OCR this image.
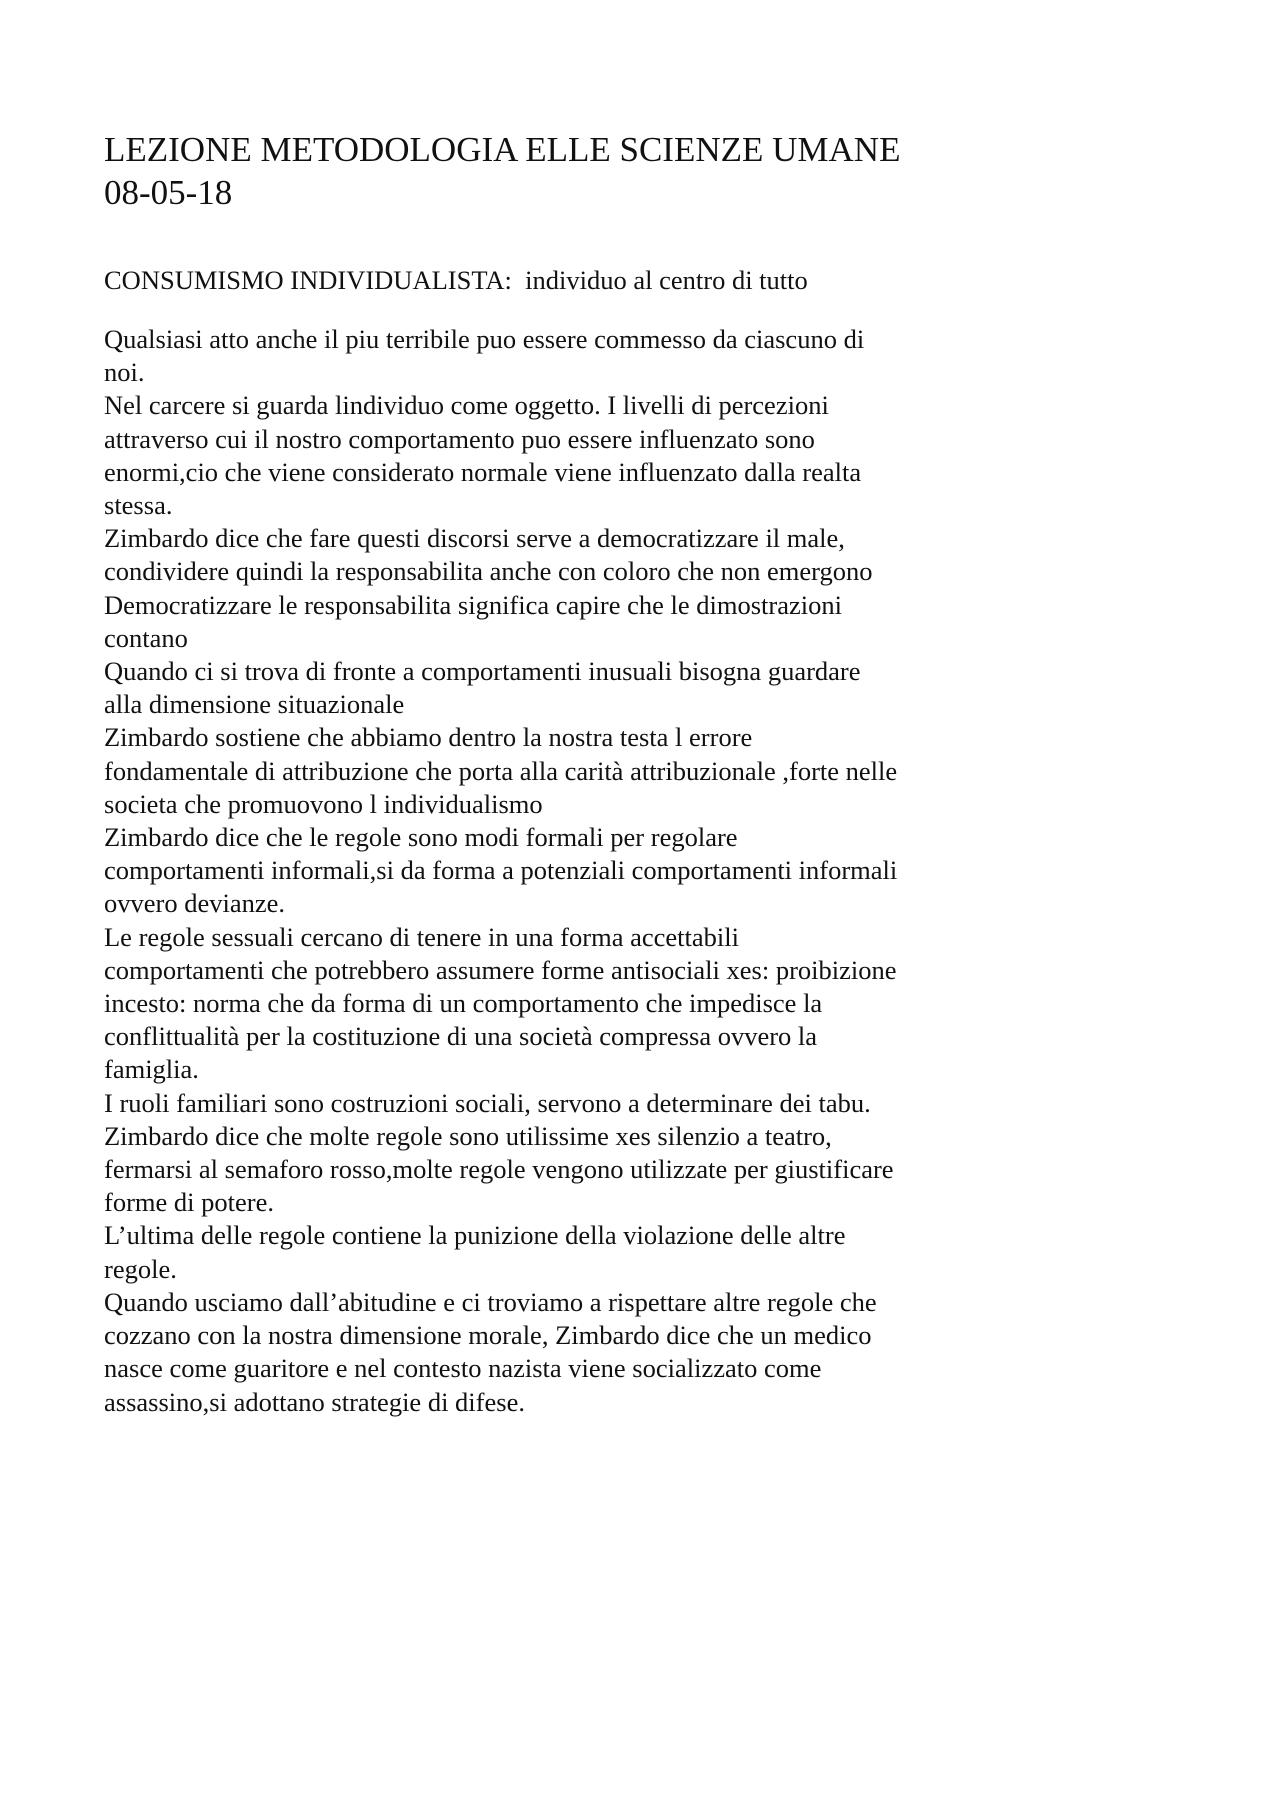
LEZIONE METODOLOGIA ELLE SCIENZE UMANE
08-05-18

CONSUMISMO INDIVIDUALISTA:  individuo al centro di tutto

Qualsiasi atto anche il piu terribile puo essere commesso da ciascuno di
noi.
Nel carcere si guarda lindividuo come oggetto. I livelli di percezioni
attraverso cui il nostro comportamento puo essere influenzato sono
enormi,cio che viene considerato normale viene influenzato dalla realta
stessa.
Zimbardo dice che fare questi discorsi serve a democratizzare il male,
condividere quindi la responsabilita anche con coloro che non emergono
Democratizzare le responsabilita significa capire che le dimostrazioni
contano
Quando ci si trova di fronte a comportamenti inusuali bisogna guardare
alla dimensione situazionale
Zimbardo sostiene che abbiamo dentro la nostra testa l errore
fondamentale di attribuzione che porta alla carità attribuzionale ,forte nelle
societa che promuovono l individualismo
Zimbardo dice che le regole sono modi formali per regolare
comportamenti informali,si da forma a potenziali comportamenti informali
ovvero devianze.
Le regole sessuali cercano di tenere in una forma accettabili
comportamenti che potrebbero assumere forme antisociali xes: proibizione
incesto: norma che da forma di un comportamento che impedisce la
conflittualità per la costituzione di una società compressa ovvero la
famiglia.
I ruoli familiari sono costruzioni sociali, servono a determinare dei tabu.
Zimbardo dice che molte regole sono utilissime xes silenzio a teatro,
fermarsi al semaforo rosso,molte regole vengono utilizzate per giustificare
forme di potere.
L’ultima delle regole contiene la punizione della violazione delle altre
regole.
Quando usciamo dall’abitudine e ci troviamo a rispettare altre regole che
cozzano con la nostra dimensione morale, Zimbardo dice che un medico
nasce come guaritore e nel contesto nazista viene socializzato come
assassino,si adottano strategie di difese.
